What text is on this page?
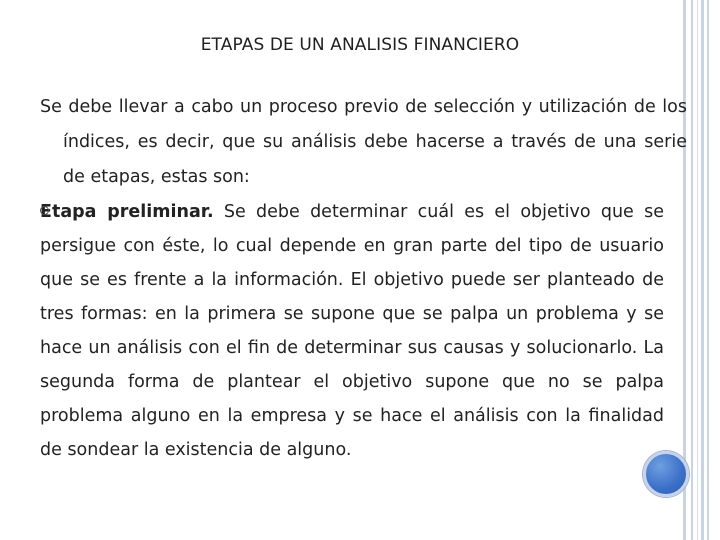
ETAPAS DE UN ANALISIS FINANCIERO

Se debe llevar a cabo un proceso previo de selección y utilización de los índices, es decir, que su análisis debe hacerse a través de una serie de etapas, estas son:

Etapa preliminar. Se debe determinar cuál es el objetivo que se persigue con éste, lo cual depende en gran parte del tipo de usuario que se es frente a la información. El objetivo puede ser planteado de tres formas: en la primera se supone que se palpa un problema y se hace un análisis con el fin de determinar sus causas y solucionarlo. La segunda forma de plantear el objetivo supone que no se palpa problema alguno en la empresa y se hace el análisis con la finalidad de sondear la existencia de alguno.
